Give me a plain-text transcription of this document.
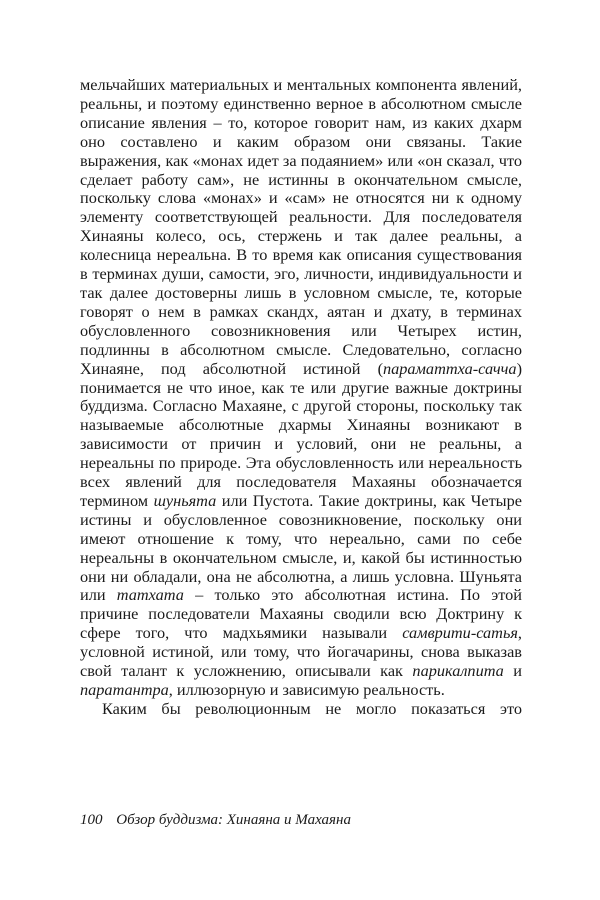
мельчайших материальных и ментальных компонента явлений, реальны, и поэтому единственно верное в абсолютном смысле описание явления – то, которое говорит нам, из каких дхарм оно составлено и каким образом они связаны. Такие выражения, как «монах идет за подаянием» или «он сказал, что сделает работу сам», не истинны в окончательном смысле, поскольку слова «монах» и «сам» не относятся ни к одному элементу соответствующей реальности. Для последователя Хинаяны колесо, ось, стержень и так далее реальны, а колесница нереальна. В то время как описания существования в терминах души, самости, эго, личности, индивидуальности и так далее достоверны лишь в условном смысле, те, которые говорят о нем в рамках скандх, аятан и дхату, в терминах обусловленного совозникновения или Четырех истин, подлинны в абсолютном смысле. Следовательно, согласно Хинаяне, под абсолютной истиной (параматтха-сачча) понимается не что иное, как те или другие важные доктрины буддизма. Согласно Махаяне, с другой стороны, поскольку так называемые абсолютные дхармы Хинаяны возникают в зависимости от причин и условий, они не реальны, а нереальны по природе. Эта обусловленность или нереальность всех явлений для последователя Махаяны обозначается термином шуньята или Пустота. Такие доктрины, как Четыре истины и обусловленное совозникновение, поскольку они имеют отношение к тому, что нереально, сами по себе нереальны в окончательном смысле, и, какой бы истинностью они ни обладали, она не абсолютна, а лишь условна. Шуньята или татхата – только это абсолютная истина. По этой причине последователи Махаяны сводили всю Доктрину к сфере того, что мадхьямики называли самврити-сатья, условной истиной, или тому, что йогачарины, снова выказав свой талант к усложнению, описывали как парикалпита и паратантра, иллюзорную и зависимую реальность.

Каким бы революционным не могло показаться это

100 Обзор буддизма: Хинаяна и Махаяна
